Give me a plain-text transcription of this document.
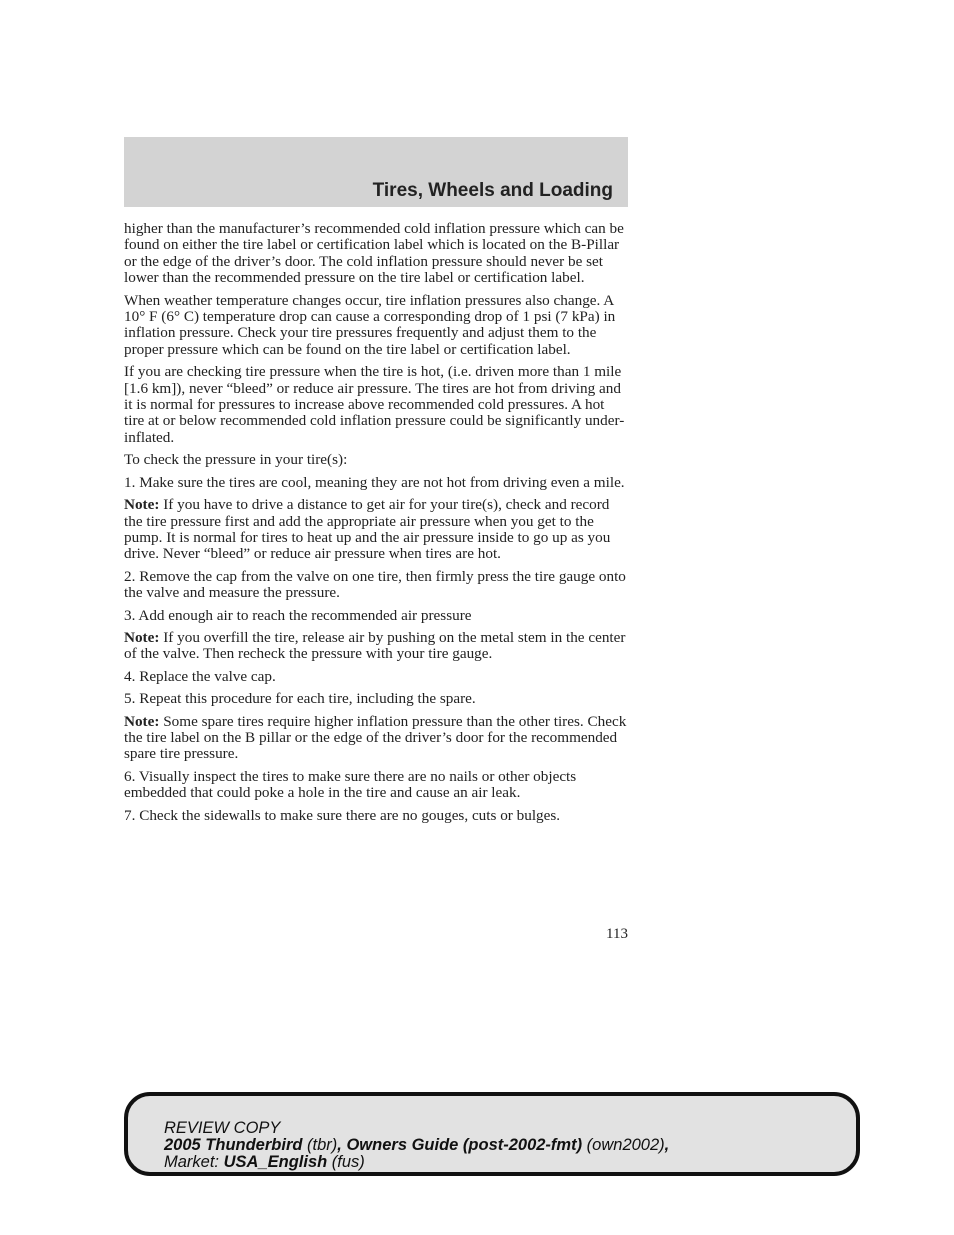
Tires, Wheels and Loading

higher than the manufacturer’s recommended cold inflation pressure which can be found on either the tire label or certification label which is located on the B-Pillar or the edge of the driver’s door. The cold inflation pressure should never be set lower than the recommended pressure on the tire label or certification label.

When weather temperature changes occur, tire inflation pressures also change. A 10° F (6° C) temperature drop can cause a corresponding drop of 1 psi (7 kPa) in inflation pressure. Check your tire pressures frequently and adjust them to the proper pressure which can be found on the tire label or certification label.

If you are checking tire pressure when the tire is hot, (i.e. driven more than 1 mile [1.6 km]), never “bleed” or reduce air pressure. The tires are hot from driving and it is normal for pressures to increase above recommended cold pressures. A hot tire at or below recommended cold inflation pressure could be significantly under-inflated.

To check the pressure in your tire(s):

1. Make sure the tires are cool, meaning they are not hot from driving even a mile.

Note: If you have to drive a distance to get air for your tire(s), check and record the tire pressure first and add the appropriate air pressure when you get to the pump. It is normal for tires to heat up and the air pressure inside to go up as you drive. Never “bleed” or reduce air pressure when tires are hot.

2. Remove the cap from the valve on one tire, then firmly press the tire gauge onto the valve and measure the pressure.

3. Add enough air to reach the recommended air pressure

Note: If you overfill the tire, release air by pushing on the metal stem in the center of the valve. Then recheck the pressure with your tire gauge.

4. Replace the valve cap.

5. Repeat this procedure for each tire, including the spare.

Note: Some spare tires require higher inflation pressure than the other tires. Check the tire label on the B pillar or the edge of the driver’s door for the recommended spare tire pressure.

6. Visually inspect the tires to make sure there are no nails or other objects embedded that could poke a hole in the tire and cause an air leak.

7. Check the sidewalls to make sure there are no gouges, cuts or bulges.

113
REVIEW COPY
2005 Thunderbird (tbr), Owners Guide (post-2002-fmt) (own2002),
Market: USA_English (fus)
